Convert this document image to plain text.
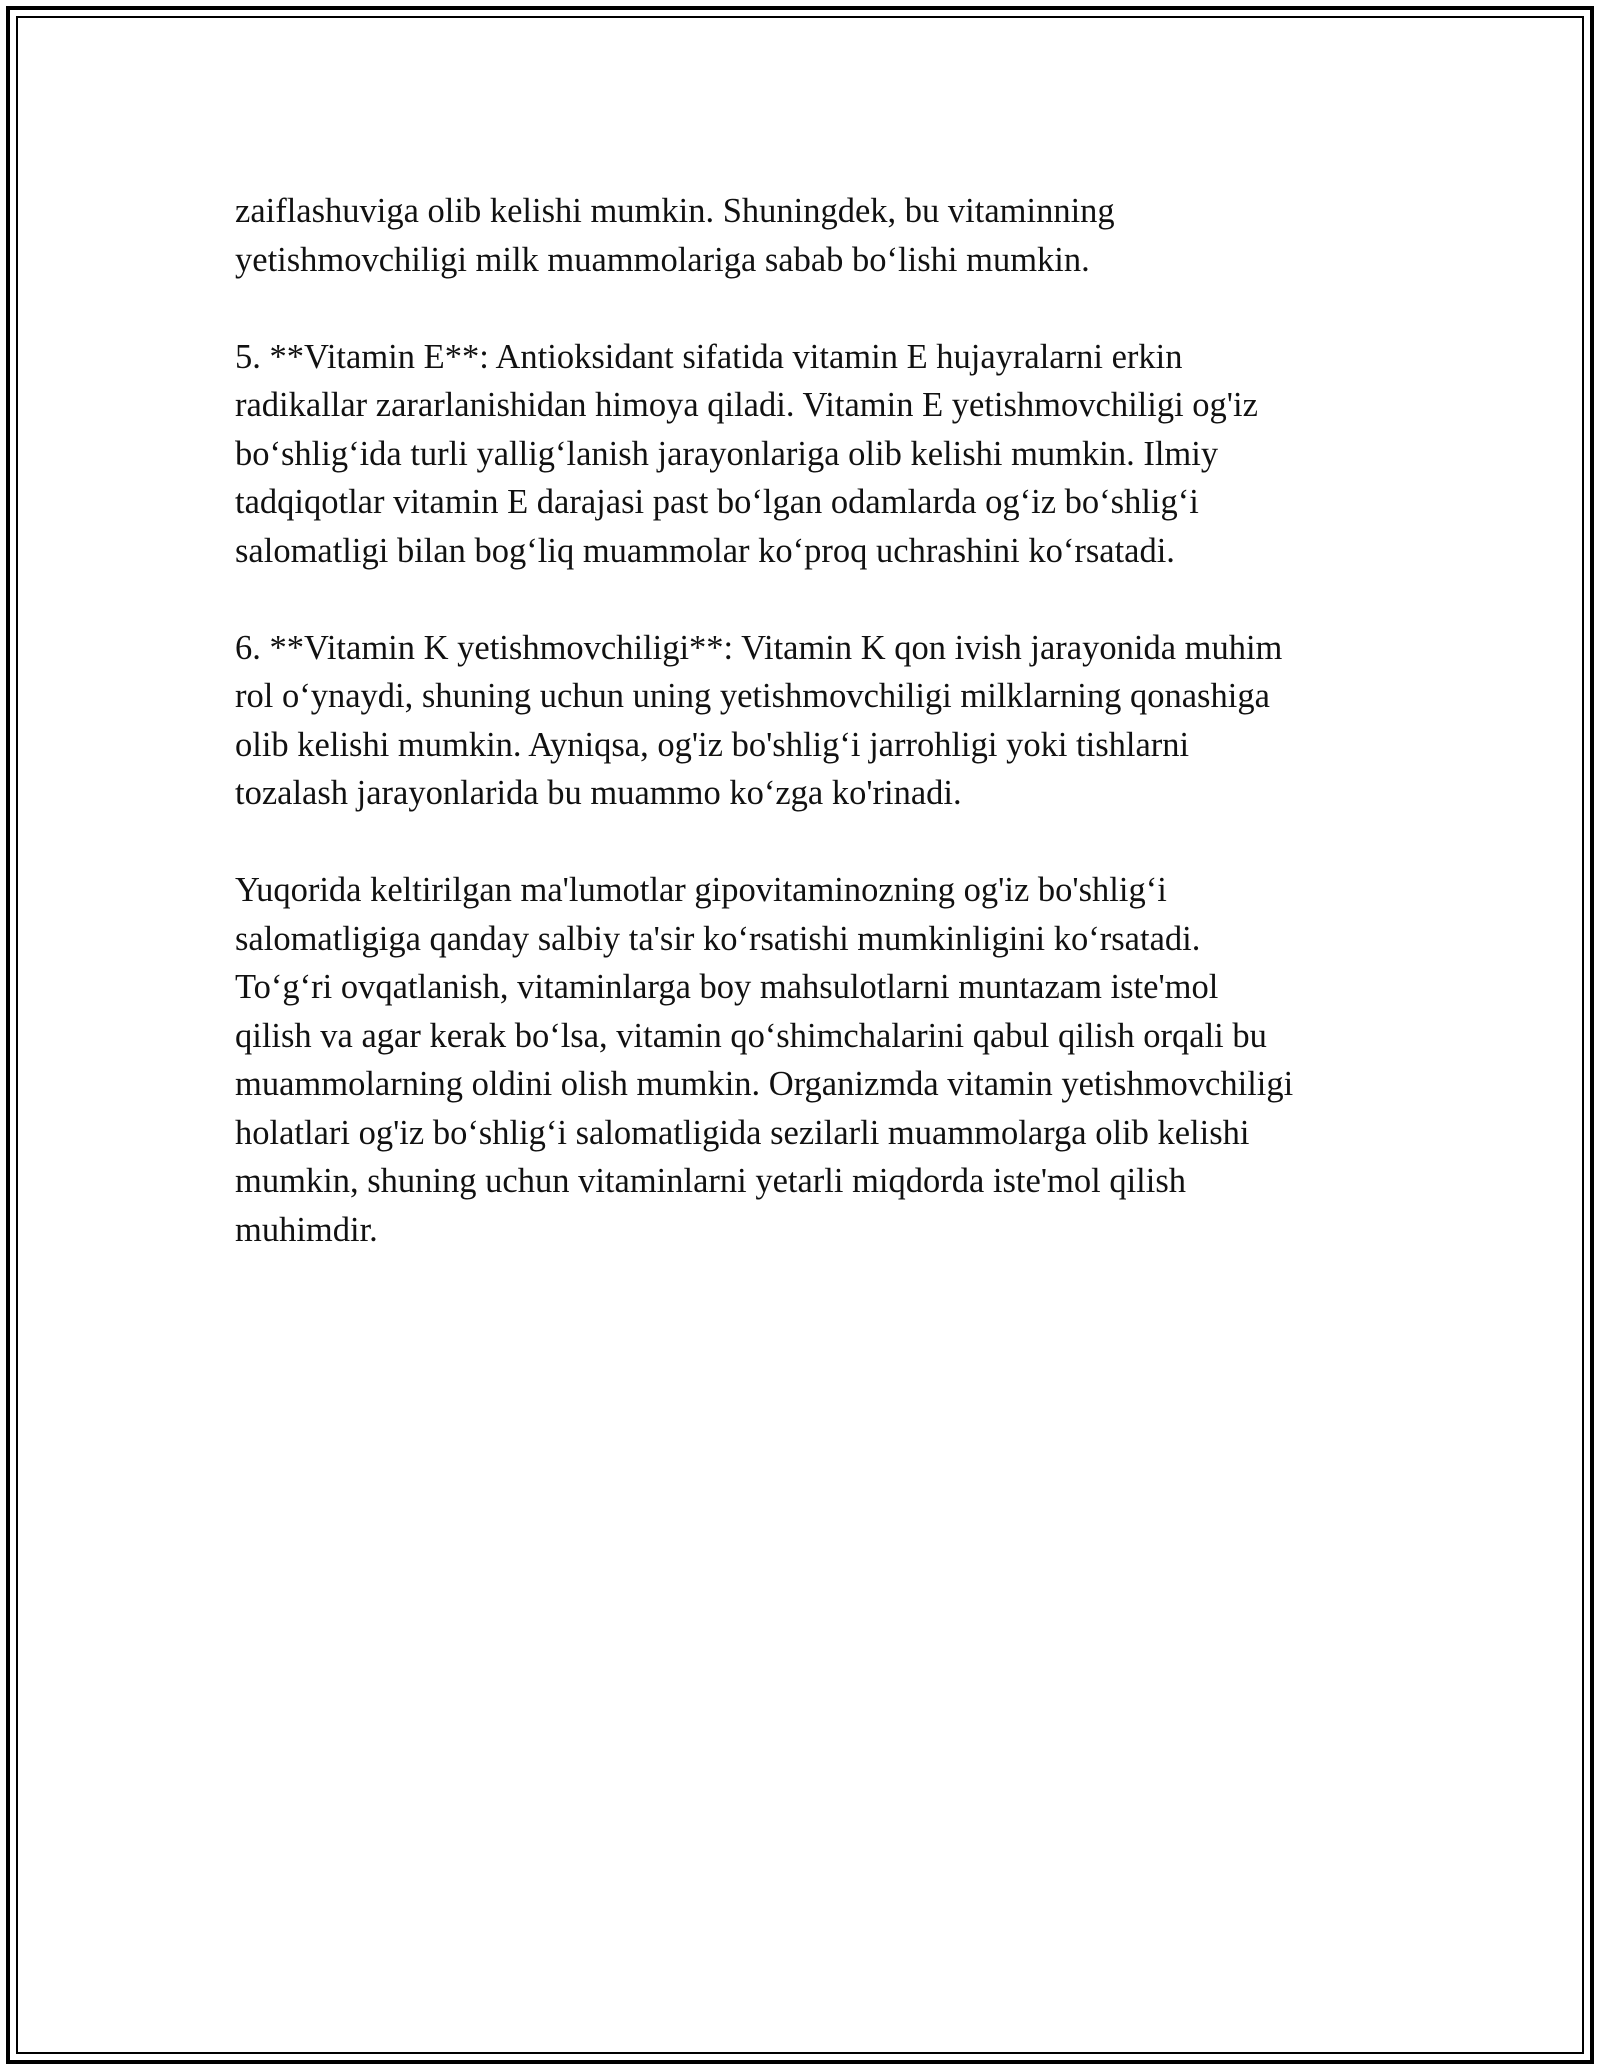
zaiflashuviga olib kelishi mumkin. Shuningdek, bu vitaminning
yetishmovchiligi milk muammolariga sabab bo‘lishi mumkin.

5. **Vitamin E**: Antioksidant sifatida vitamin E hujayralarni erkin
radikallar zararlanishidan himoya qiladi. Vitamin E yetishmovchiligi og'iz
bo‘shlig‘ida turli yallig‘lanish jarayonlariga olib kelishi mumkin. Ilmiy
tadqiqotlar vitamin E darajasi past bo‘lgan odamlarda og‘iz bo‘shlig‘i
salomatligi bilan bog‘liq muammolar ko‘proq uchrashini ko‘rsatadi.

6. **Vitamin K yetishmovchiligi**: Vitamin K qon ivish jarayonida muhim
rol o‘ynaydi, shuning uchun uning yetishmovchiligi milklarning qonashiga
olib kelishi mumkin. Ayniqsa, og'iz bo'shlig‘i jarrohligi yoki tishlarni
tozalash jarayonlarida bu muammo ko‘zga ko'rinadi.

Yuqorida keltirilgan ma'lumotlar gipovitaminozning og'iz bo'shlig‘i
salomatligiga qanday salbiy ta'sir ko‘rsatishi mumkinligini ko‘rsatadi.
To‘g‘ri ovqatlanish, vitaminlarga boy mahsulotlarni muntazam iste'mol
qilish va agar kerak bo‘lsa, vitamin qo‘shimchalarini qabul qilish orqali bu
muammolarning oldini olish mumkin. Organizmda vitamin yetishmovchiligi
holatlari og'iz bo‘shlig‘i salomatligida sezilarli muammolarga olib kelishi
mumkin, shuning uchun vitaminlarni yetarli miqdorda iste'mol qilish
muhimdir.
